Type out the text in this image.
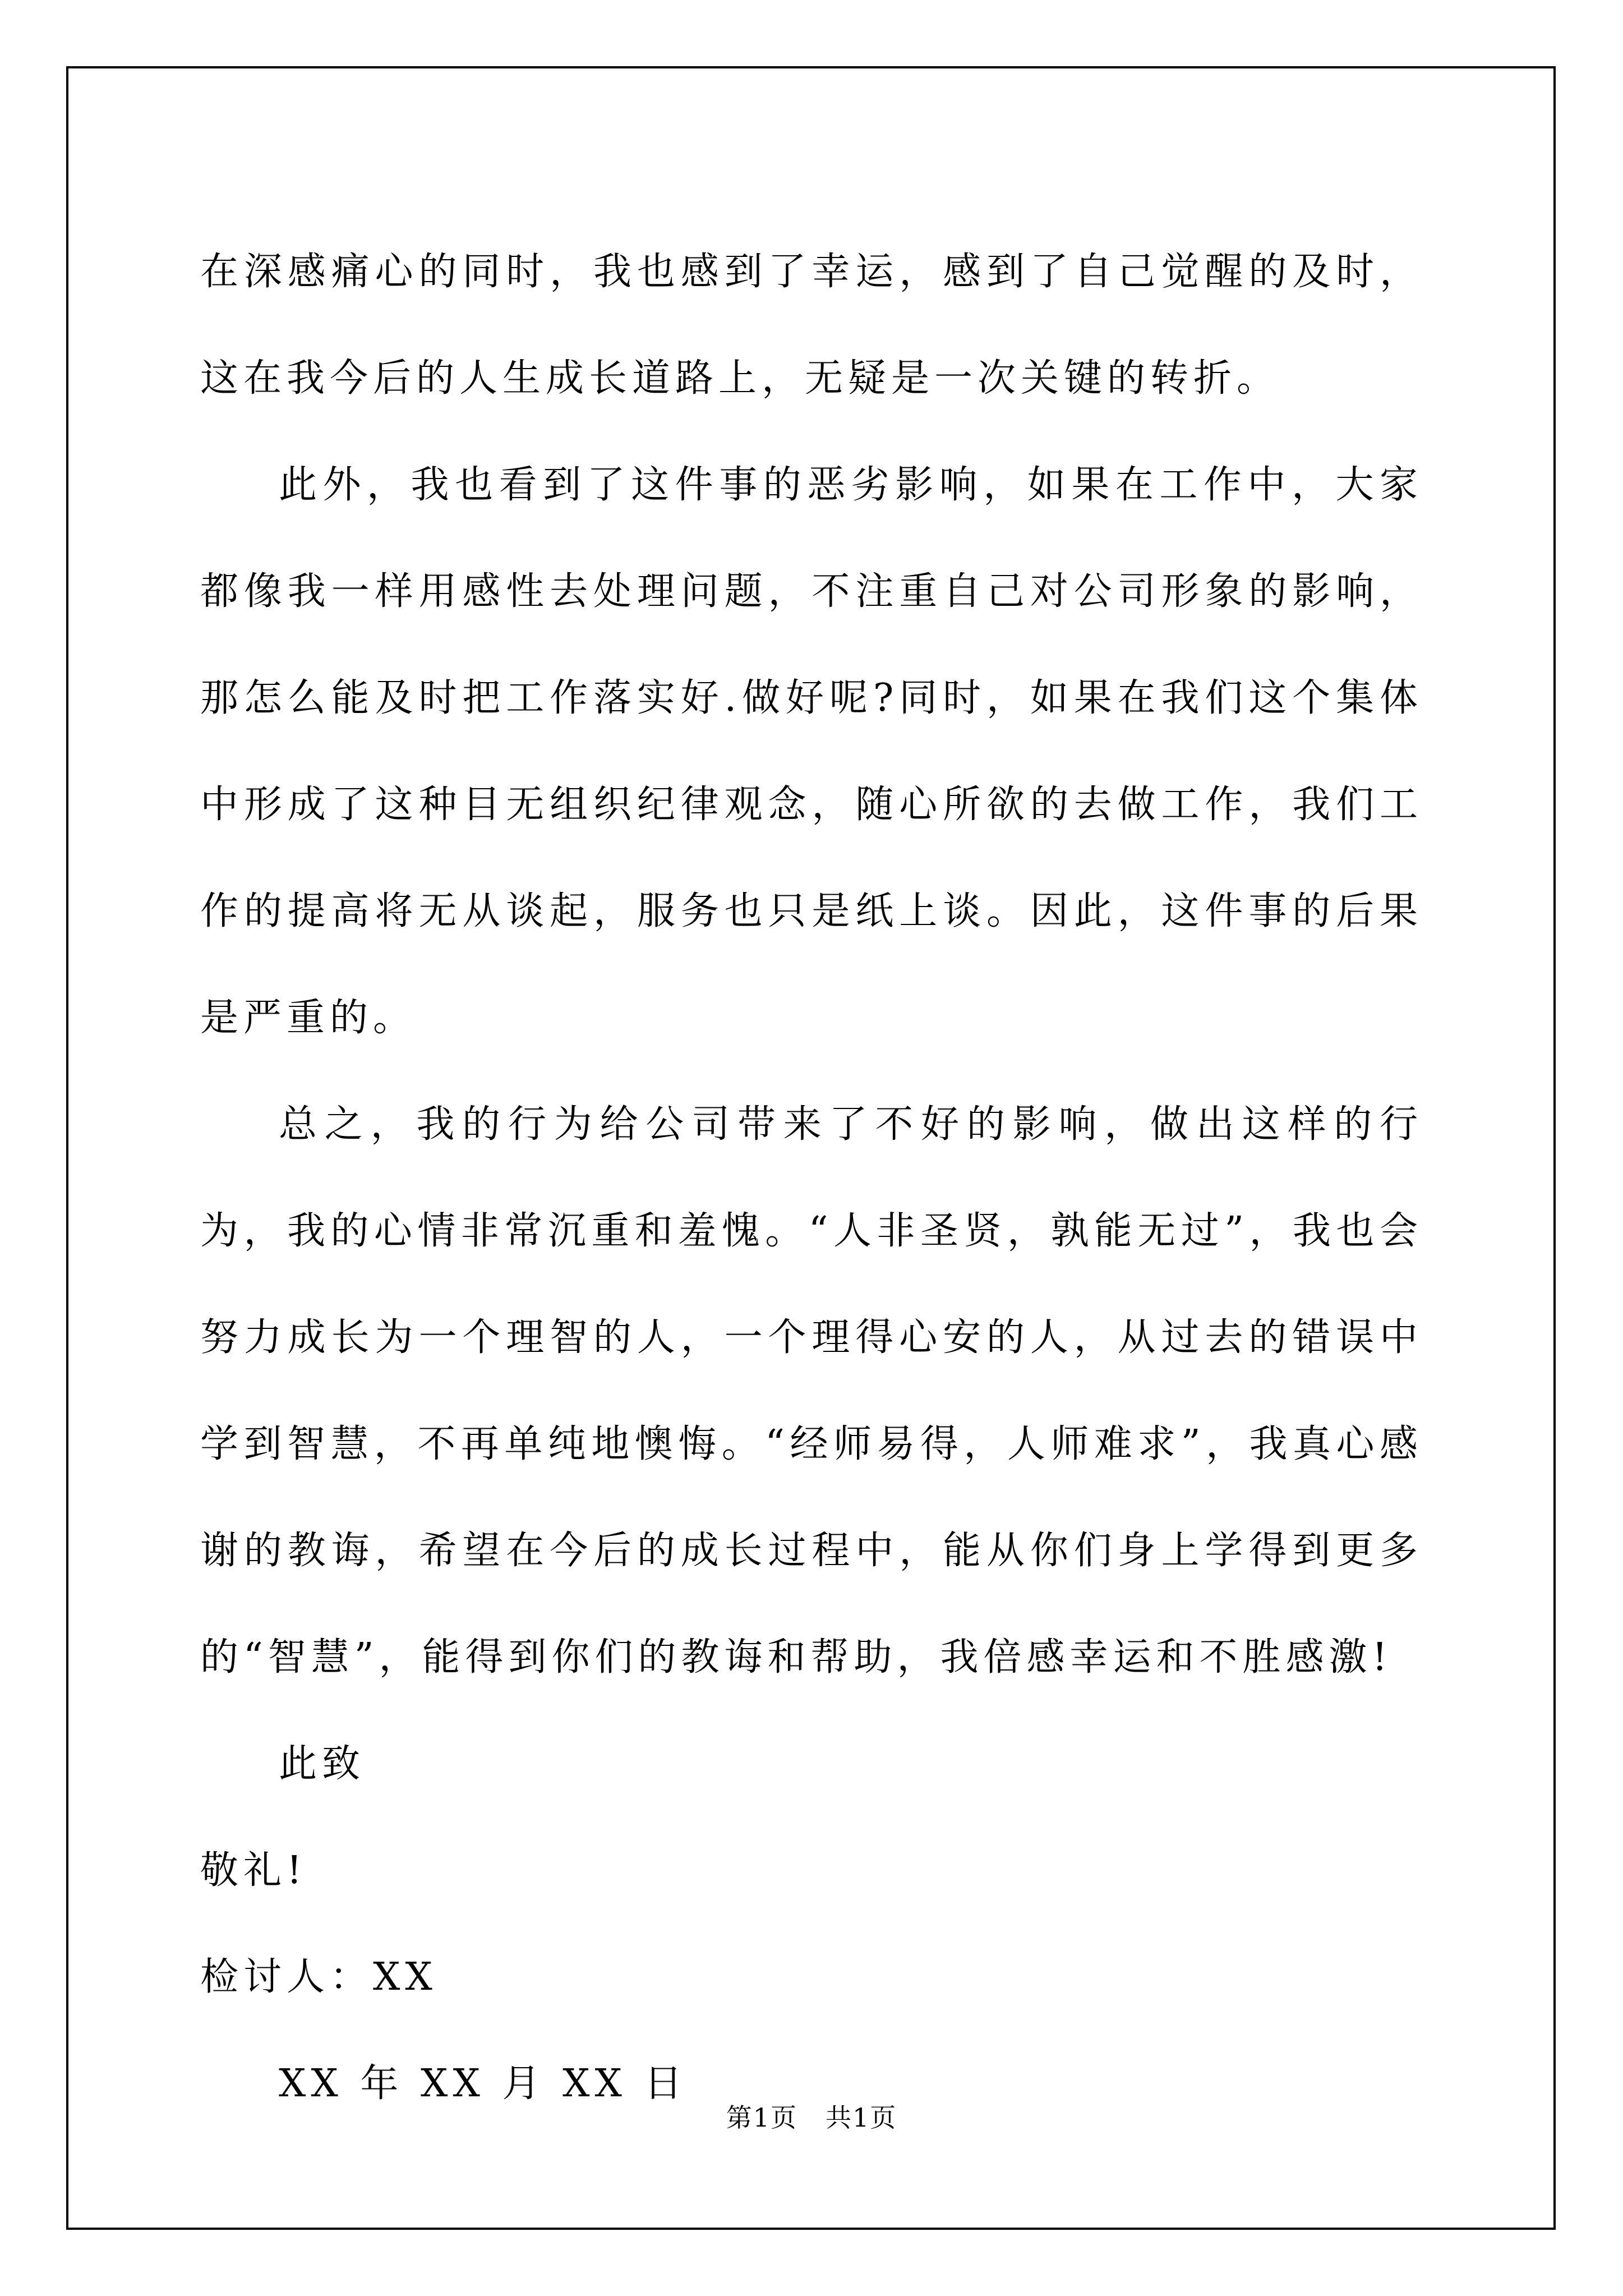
在深感痛心的同时，我也感到了幸运，感到了自己觉醒的及时，这在我今后的人生成长道路上，无疑是一次关键的转折。

此外，我也看到了这件事的恶劣影响，如果在工作中，大家都像我一样用感性去处理问题，不注重自己对公司形象的影响，那怎么能及时把工作落实好.做好呢?同时，如果在我们这个集体中形成了这种目无组织纪律观念，随心所欲的去做工作，我们工作的提高将无从谈起，服务也只是纸上谈。因此，这件事的后果是严重的。

总之，我的行为给公司带来了不好的影响，做出这样的行为，我的心情非常沉重和羞愧。“人非圣贤，孰能无过”，我也会努力成长为一个理智的人，一个理得心安的人，从过去的错误中学到智慧，不再单纯地懊悔。“经师易得，人师难求”，我真心感谢的教诲，希望在今后的成长过程中，能从你们身上学得到更多的“智慧”，能得到你们的教诲和帮助，我倍感幸运和不胜感激!

此致

敬礼!

检讨人：XX

XX 年 XX 月 XX 日

第1页 共1页
